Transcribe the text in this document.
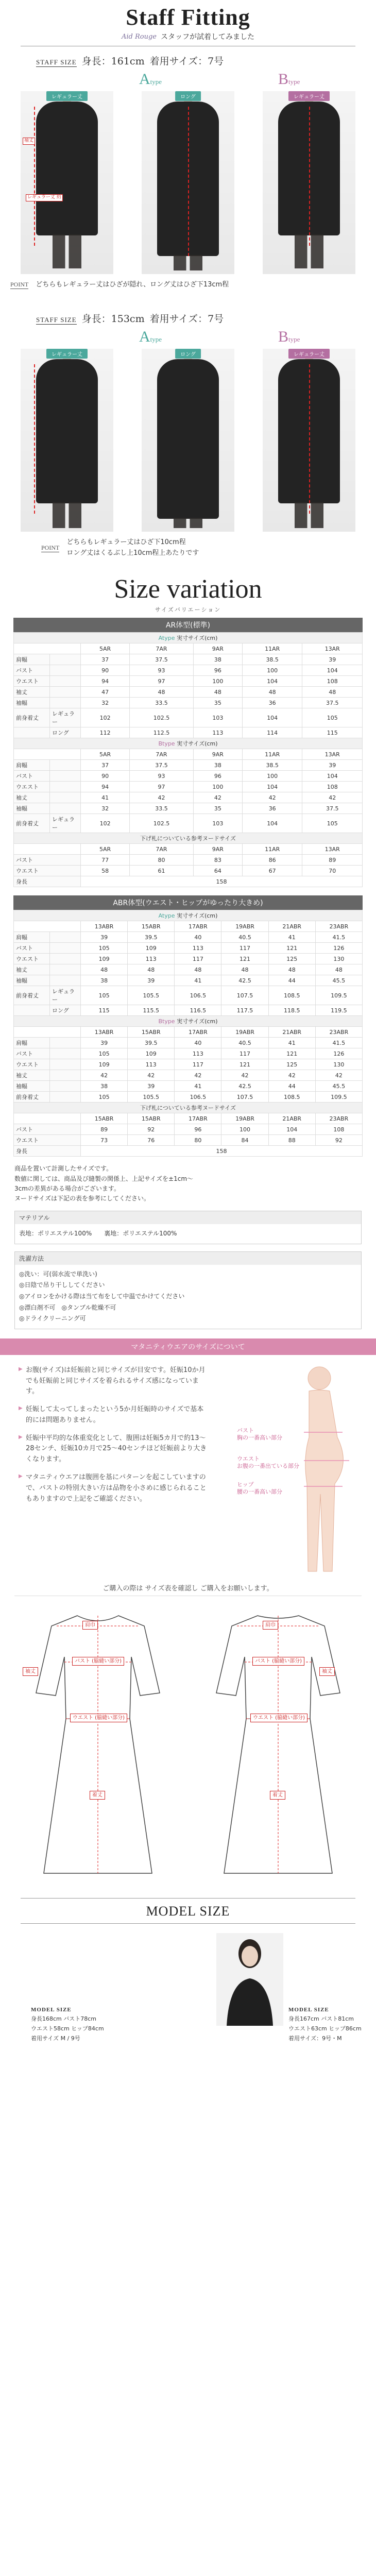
Staff Fitting
Aid Rouge スタッフが試着してみました
STAFF SIZE 身長：161cm 着用サイズ：7号
Atype	Btype
レギュラー丈
袖丈
レギュラー丈 約
ロング	レギュラー丈
POINT どちらもレギュラー丈はひざが隠れ、ロング丈はひざ下13cm程
STAFF SIZE 身長：153cm 着用サイズ：7号
Atype	Btype
レギュラー丈	ロング	レギュラー丈
POINT
どちらもレギュラー丈はひざ下10cm程
ロング丈はくるぶし上10cm程上あたりです
Size variation
サイズバリエーション
AR体型(標準)
Atype 実寸サイズ(cm)						
		5AR	7AR	9AR	11AR	13AR
肩幅		37	37.5	38	38.5	39
バスト		90	93	96	100	104
ウエスト		94	97	100	104	108
袖丈		47	48	48	48	48
袖幅		32	33.5	35	36	37.5
前身着丈	レギュラー	102	102.5	103	104	105
	ロング	112	112.5	113	114	115
Btype 実寸サイズ(cm)						
		5AR	7AR	9AR	11AR	13AR
肩幅		37	37.5	38	38.5	39
バスト		90	93	96	100	104
ウエスト		94	97	100	104	108
袖丈		41	42	42	42	42
袖幅		32	33.5	35	36	37.5
前身着丈	レギュラー	102	102.5	103	104	105
下げ札についている参考ヌードサイズ						
		5AR	7AR	9AR	11AR	13AR
バスト		77	80	83	86	89
ウエスト		58	61	64	67	70
身長		158				
ABR体型(ウエスト・ヒップがゆったり大きめ)
Atype 実寸サイズ(cm)							
		13ABR	15ABR	17ABR	19ABR	21ABR	23ABR
肩幅		39	39.5	40	40.5	41	41.5
バスト		105	109	113	117	121	126
ウエスト		109	113	117	121	125	130
袖丈		48	48	48	48	48	48
袖幅		38	39	41	42.5	44	45.5
前身着丈	レギュラー	105	105.5	106.5	107.5	108.5	109.5
	ロング	115	115.5	116.5	117.5	118.5	119.5
Btype 実寸サイズ(cm)							
		13ABR	15ABR	17ABR	19ABR	21ABR	23ABR
肩幅		39	39.5	40	40.5	41	41.5
バスト		105	109	113	117	121	126
ウエスト		109	113	117	121	125	130
袖丈		42	42	42	42	42	42
袖幅		38	39	41	42.5	44	45.5
前身着丈		105	105.5	106.5	107.5	108.5	109.5
下げ札についている参考ヌードサイズ							
		15ABR	15ABR	17ABR	19ABR	21ABR	23ABR
バスト		89	92	96	100	104	108
ウエスト		73	76	80	84	88	92
身長		158					
商品を置いて計測したサイズです。
数値に関しては、商品及び縫製の関係上、上記サイズを±1cm〜
3cmの差異がある場合がございます。
ヌードサイズは下記の表を参考にしてください。
マテリアル
表地：ポリエステル100%　　裏地：ポリエステル100%
洗濯方法
◎洗い：可(弱水流で単洗い)
◎日陰で吊り干ししてください
◎アイロンをかける際は当て布をして中温でかけてください
◎漂白剤不可　◎タンブル乾燥不可
◎ドライクリーニング可
マタニティウエアのサイズについて
▶ お腹(サイズ)は妊娠前と同じサイズが目安です。妊娠10か月でも妊娠前と同じサイズを着られるサイズ感になっています。
▶ 妊娠して太ってしまったという5か月妊娠時のサイズで基本的には問題ありません。
▶ 妊娠中平均的な体重変化として、腹囲は妊娠5カ月で約13〜28センチ、妊娠10カ月で25〜40センチほど妊娠前より大きくなります。
▶ マタニティウエアは腹囲を基にパターンを起こしていますので、バストの特別大きい方は品物を小さめに感じられることもありますので上記をご確認ください。
バスト
胸の一番高い部分
ウエスト
お腹の一番出ている部分
ヒップ
腰の一番高い部分
ご購入の際は サイズ表を確認し ご購入をお願いします。
肩巾
バスト (脇縫い部分)
ウエスト (脇縫い部分)
袖丈
着丈
肩巾
バスト (脇縫い部分)
ウエスト (脇縫い部分)
袖丈
着丈
MODEL SIZE
MODEL SIZE
身長168cm バスト78cm
ウエスト58cm ヒップ84cm
着用サイズ M / 9号
MODEL SIZE
身長167cm バスト81cm
ウエスト63cm ヒップ86cm
着用サイズ：9号・M
